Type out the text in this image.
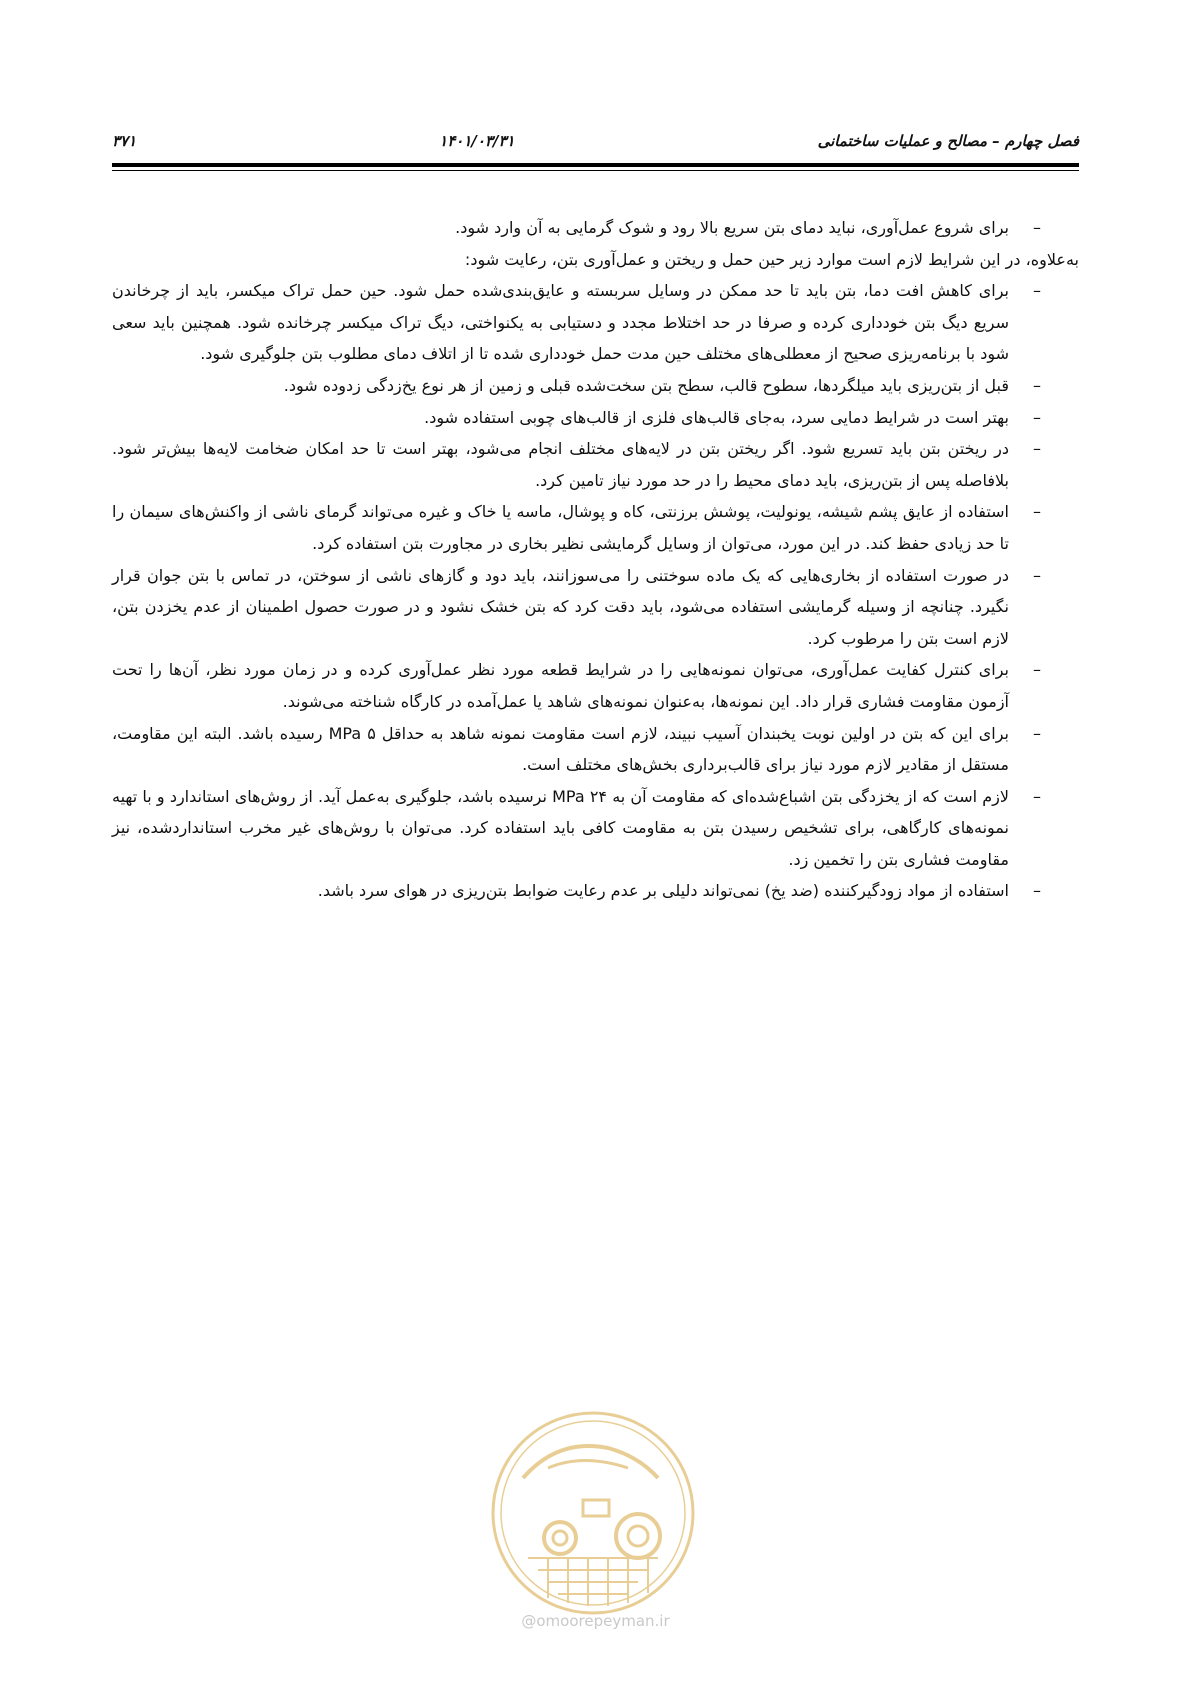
فصل چهارم – مصالح و عملیات ساختمانی
۱۴۰۱/۰۳/۳۱
۳۷۱

–
برای شروع عمل‌آوری، نباید دمای بتن سریع بالا رود و شوک گرمایی به آن وارد شود.

به‌علاوه، در این شرایط لازم است موارد زیر حین حمل و ریختن و عمل‌آوری بتن، رعایت شود:

–
برای کاهش افت دما، بتن باید تا حد ممکن در وسایل سربسته و عایق‌بندی‌شده حمل شود. حین حمل تراک میکسر، باید از چرخاندن سریع دیگ بتن خودداری کرده و صرفا در حد اختلاط مجدد و دستیابی به یکنواختی، دیگ تراک میکسر چرخانده شود. همچنین باید سعی شود با برنامه‌ریزی صحیح از معطلی‌های مختلف حین مدت حمل خودداری شده تا از اتلاف دمای مطلوب بتن جلوگیری شود.

–
قبل از بتن‌ریزی باید میلگردها، سطوح قالب، سطح بتن سخت‌شده قبلی و زمین از هر نوع یخ‌زدگی زدوده شود.

–
بهتر است در شرایط دمایی سرد، به‌جای قالب‌های فلزی از قالب‌های چوبی استفاده شود.

–
در ریختن بتن باید تسریع شود. اگر ریختن بتن در لایه‌های مختلف انجام می‌شود، بهتر است تا حد امکان ضخامت لایه‌ها بیش‌تر شود. بلافاصله پس از بتن‌ریزی، باید دمای محیط را در حد مورد نیاز تامین کرد.

–
استفاده از عایق پشم شیشه، یونولیت، پوشش برزنتی، کاه و پوشال، ماسه یا خاک و غیره می‌تواند گرمای ناشی از واکنش‌های سیمان را تا حد زیادی حفظ کند. در این مورد، می‌توان از وسایل گرمایشی نظیر بخاری در مجاورت بتن استفاده کرد.

–
در صورت استفاده از بخاری‌هایی که یک ماده سوختنی را می‌سوزانند، باید دود و گازهای ناشی از سوختن، در تماس با بتن جوان قرار نگیرد. چنانچه از وسیله گرمایشی استفاده می‌شود، باید دقت کرد که بتن خشک نشود و در صورت حصول اطمینان از عدم یخزدن بتن، لازم است بتن را مرطوب کرد.

–
برای کنترل کفایت عمل‌آوری، می‌توان نمونه‌هایی را در شرایط قطعه مورد نظر عمل‌آوری کرده و در زمان مورد نظر، آن‌ها را تحت آزمون مقاومت فشاری قرار داد. این نمونه‌ها، به‌عنوان نمونه‌های شاهد یا عمل‌آمده در کارگاه شناخته می‌شوند.

–
برای این که بتن در اولین نوبت یخبندان آسیب نبیند، لازم است مقاومت نمونه شاهد به حداقل ۵ MPa رسیده باشد. البته این مقاومت، مستقل از مقادیر لازم مورد نیاز برای قالب‌برداری بخش‌های مختلف است.

–
لازم است که از یخزدگی بتن اشباع‌شده‌ای که مقاومت آن به ۲۴ MPa نرسیده باشد، جلوگیری به‌عمل آید. از روش‌های استاندارد و با تهیه نمونه‌های کارگاهی، برای تشخیص رسیدن بتن به مقاومت کافی باید استفاده کرد. می‌توان با روش‌های غیر مخرب استانداردشده، نیز مقاومت فشاری بتن را تخمین زد.

–
استفاده از مواد زودگیرکننده (ضد یخ) نمی‌تواند دلیلی بر عدم رعایت ضوابط بتن‌ریزی در هوای سرد باشد.

@omoorepeyman.ir
